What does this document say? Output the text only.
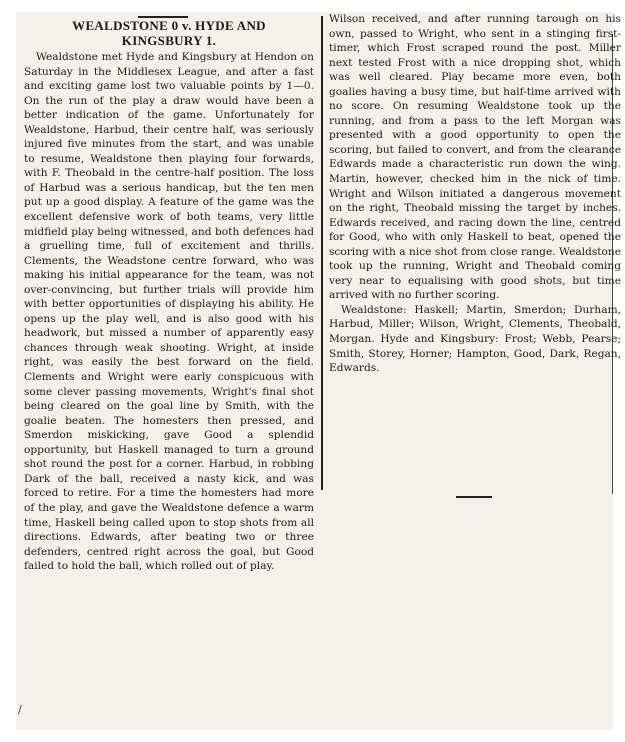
WEALDSTONE 0 v. HYDE AND
KINGSBURY 1.

Wealdstone met Hyde and Kingsbury at Hendon on Saturday in the Middlesex League, and after a fast and exciting game lost two valuable points by 1—0. On the run of the play a draw would have been a better indication of the game. Unfortunately for Wealdstone, Harbud, their centre half, was seriously injured five minutes from the start, and was unable to resume, Wealdstone then playing four forwards, with F. Theobald in the centre-half position. The loss of Harbud was a serious handicap, but the ten men put up a good display. A feature of the game was the excellent defensive work of both teams, very little midfield play being witnessed, and both defences had a gruelling time, full of excitement and thrills. Clements, the Weadstone centre forward, who was making his initial appearance for the team, was not over-convincing, but further trials will provide him with better opportunities of displaying his ability. He opens up the play well, and is also good with his headwork, but missed a number of apparently easy chances through weak shooting. Wright, at inside right, was easily the best forward on the field. Clements and Wright were early conspicuous with some clever passing movements, Wright's final shot being cleared on the goal line by Smith, with the goalie beaten. The homesters then pressed, and Smerdon miskicking, gave Good a splendid opportunity, but Haskell managed to turn a ground shot round the post for a corner. Harbud, in robbing Dark of the ball, received a nasty kick, and was forced to retire. For a time the homesters had more of the play, and gave the Wealdstone defence a warm time, Haskell being called upon to stop shots from all directions. Edwards, after beating two or three defenders, centred right across the goal, but Good failed to hold the ball, which rolled out of play.

Wilson received, and after running tarough on his own, passed to Wright, who sent in a stinging first-timer, which Frost scraped round the post. Miller next tested Frost with a nice dropping shot, which was well cleared. Play became more even, both goalies having a busy time, but half-time arrived with no score. On resuming Wealdstone took up the running, and from a pass to the left Morgan was presented with a good opportunity to open the scoring, but failed to convert, and from the clearance Edwards made a characteristic run down the wing. Martin, however, checked him in the nick of time. Wright and Wilson initiated a dangerous movement on the right, Theobald missing the target by inches. Edwards received, and racing down the line, centred for Good, who with only Haskell to beat, opened the scoring with a nice shot from close range. Wealdstone took up the running, Wright and Theobald coming very near to equalising with good shots, but time arrived with no further scoring.

Wealdstone: Haskell; Martin, Smerdon; Durham, Harbud, Miller; Wilson, Wright, Clements, Theobald, Morgan. Hyde and Kingsbury: Frost; Webb, Pearse; Smith, Storey, Horner; Hampton, Good, Dark, Regan, Edwards.

/
